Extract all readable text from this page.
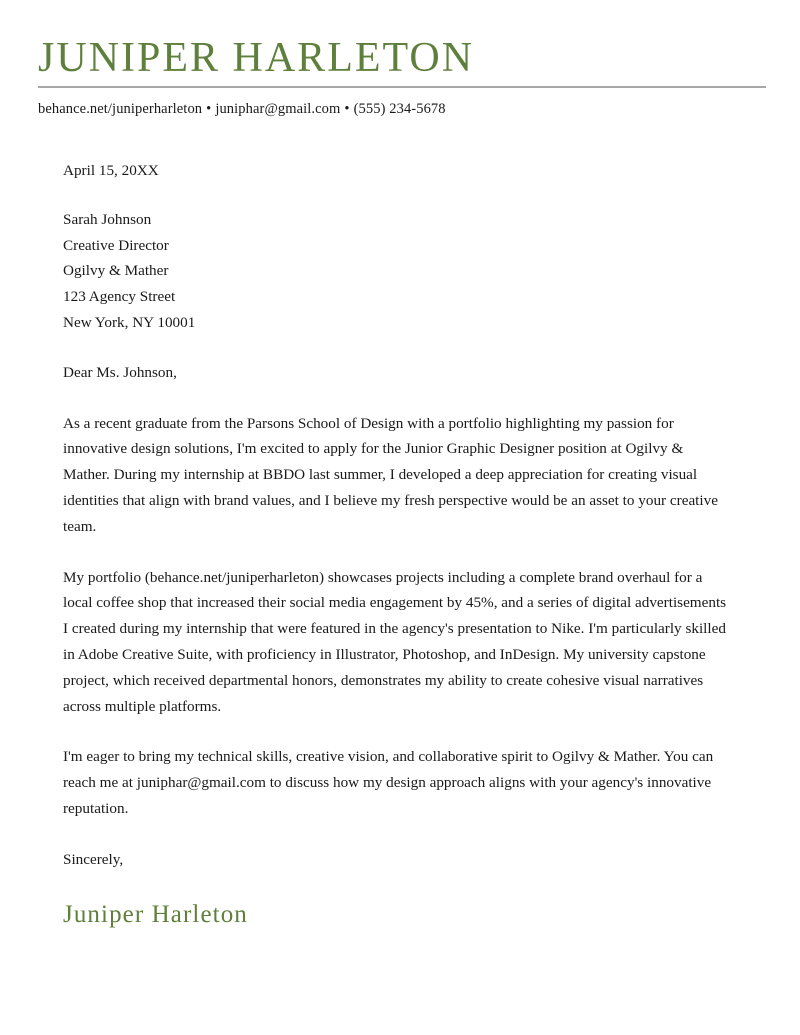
JUNIPER HARLETON
behance.net/juniperharleton • juniphar@gmail.com • (555) 234-5678
April 15, 20XX
Sarah Johnson
Creative Director
Ogilvy & Mather
123 Agency Street
New York, NY 10001
Dear Ms. Johnson,

As a recent graduate from the Parsons School of Design with a portfolio highlighting my passion for innovative design solutions, I'm excited to apply for the Junior Graphic Designer position at Ogilvy & Mather. During my internship at BBDO last summer, I developed a deep appreciation for creating visual identities that align with brand values, and I believe my fresh perspective would be an asset to your creative team.

My portfolio (behance.net/juniperharleton) showcases projects including a complete brand overhaul for a local coffee shop that increased their social media engagement by 45%, and a series of digital advertisements I created during my internship that were featured in the agency's presentation to Nike. I'm particularly skilled in Adobe Creative Suite, with proficiency in Illustrator, Photoshop, and InDesign. My university capstone project, which received departmental honors, demonstrates my ability to create cohesive visual narratives across multiple platforms.

I'm eager to bring my technical skills, creative vision, and collaborative spirit to Ogilvy & Mather. You can reach me at juniphar@gmail.com to discuss how my design approach aligns with your agency's innovative reputation.

Sincerely,
Juniper Harleton
